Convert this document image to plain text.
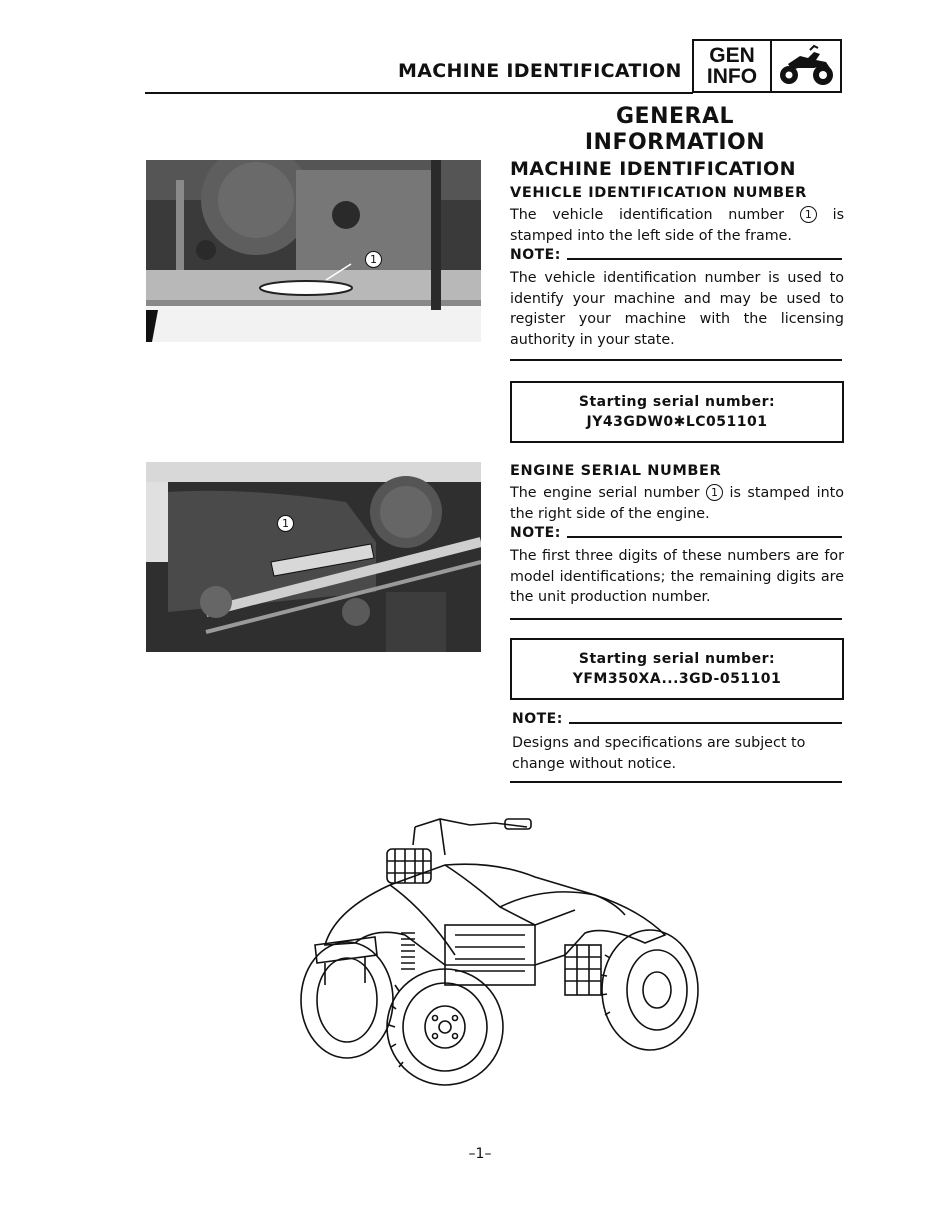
MACHINE IDENTIFICATION
GEN
INFO
GENERAL
INFORMATION
MACHINE IDENTIFICATION
1
1
VEHICLE IDENTIFICATION NUMBER
The vehicle identification number 1 is stamped into the left side of the frame.
NOTE:
The vehicle identification number is used to identify your machine and may be used to register your machine with the licensing authority in your state.
Starting serial number:
JY43GDW0✱LC051101
ENGINE SERIAL NUMBER
The engine serial number 1 is stamped into the right side of the engine.
NOTE:
The first three digits of these numbers are for model identifications; the remaining digits are the unit production number.
Starting serial number:
YFM350XA...3GD-051101
NOTE:
Designs and specifications are subject to change without notice.
–1–
